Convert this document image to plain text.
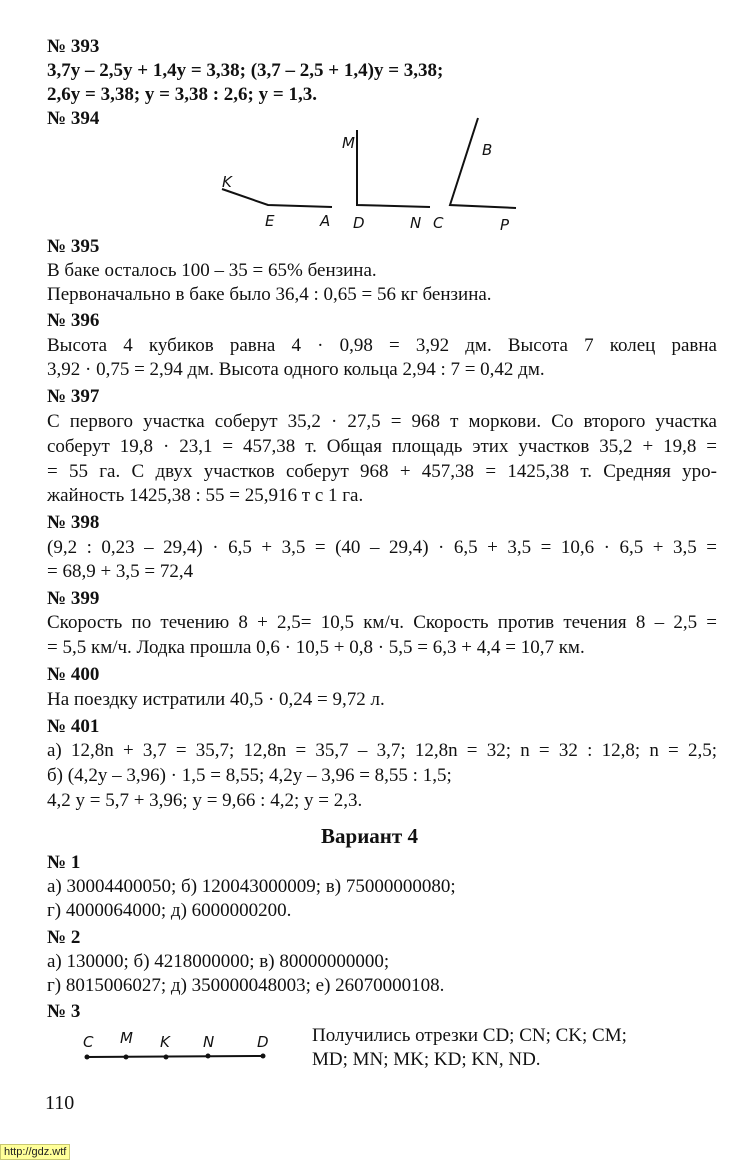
№ 393
3,7y – 2,5y + 1,4y = 3,38; (3,7 – 2,5 + 1,4)y = 3,38;
2,6y = 3,38; y = 3,38 : 2,6; y = 1,3.
№ 394
№ 395
В баке осталось 100 – 35 = 65% бензина.
Первоначально в баке было 36,4 : 0,65 = 56 кг бензина.
№ 396
Высота 4 кубиков равна 4 · 0,98 = 3,92 дм. Высота 7 колец равна
3,92 · 0,75 = 2,94 дм. Высота одного кольца 2,94 : 7 = 0,42 дм.
№ 397
С первого участка соберут 35,2 · 27,5 = 968 т моркови. Со второго участка
соберут 19,8 · 23,1 = 457,38 т. Общая площадь этих участков 35,2 + 19,8 =
= 55 га. С двух участков соберут 968 + 457,38 = 1425,38 т. Средняя уро-
жайность 1425,38 : 55 = 25,916 т с 1 га.
№ 398
(9,2 : 0,23 – 29,4) · 6,5 + 3,5 = (40 – 29,4) · 6,5 + 3,5 = 10,6 · 6,5 + 3,5 =
= 68,9 + 3,5 = 72,4
№ 399
Скорость по течению 8 + 2,5= 10,5 км/ч. Скорость против течения 8 – 2,5 =
= 5,5 км/ч. Лодка прошла 0,6 · 10,5 + 0,8 · 5,5 = 6,3 + 4,4 = 10,7 км.
№ 400
На поездку истратили 40,5 · 0,24 = 9,72 л.
№ 401
а) 12,8n + 3,7 = 35,7; 12,8n = 35,7 – 3,7; 12,8n = 32; n = 32 : 12,8; n = 2,5;
б) (4,2y – 3,96) · 1,5 = 8,55; 4,2y – 3,96 = 8,55 : 1,5;
4,2 y = 5,7 + 3,96; y = 9,66 : 4,2; y = 2,3.
№ 1
а) 30004400050; б) 120043000009; в) 75000000080;
г) 4000064000; д) 6000000200.
№ 2
а) 130000; б) 4218000000; в) 80000000000;
г) 8015006027; д) 350000048003; е) 26070000108.
№ 3
K
E	A
M
D	N C
B
P
C M K N	D
Вариант 4
Получились отрезки CD; CN; CK; CM;
MD; MN; MK; KD; KN, ND.
110
http://gdz.wtf
